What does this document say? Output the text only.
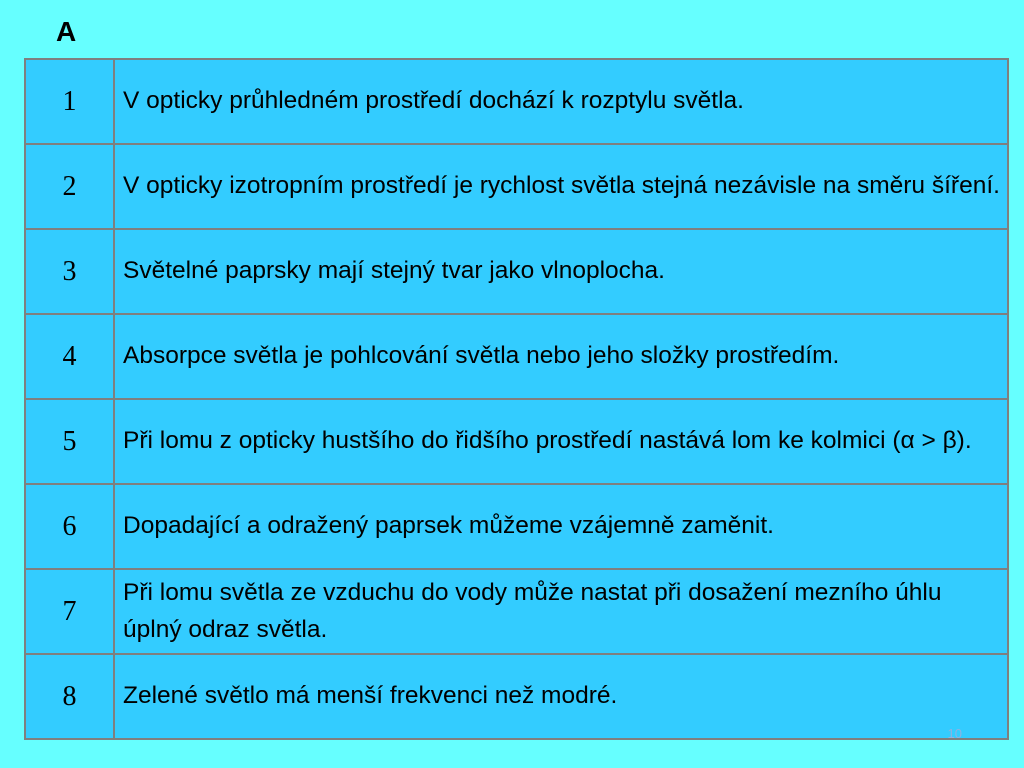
A
1	V opticky průhledném prostředí dochází k rozptylu světla.
2	V opticky izotropním prostředí je rychlost světla stejná nezávisle na směru šíření.
3	Světelné paprsky mají stejný tvar jako vlnoplocha.
4	Absorpce světla je pohlcování světla nebo jeho složky prostředím.
5	Při lomu z opticky hustšího do řidšího prostředí nastává lom ke kolmici (α > β).
6	Dopadající a odražený paprsek můžeme vzájemně zaměnit.
7	Při lomu světla ze vzduchu do vody může nastat při dosažení mezního úhlu úplný odraz světla.
8	Zelené světlo má menší frekvenci než modré.
10
